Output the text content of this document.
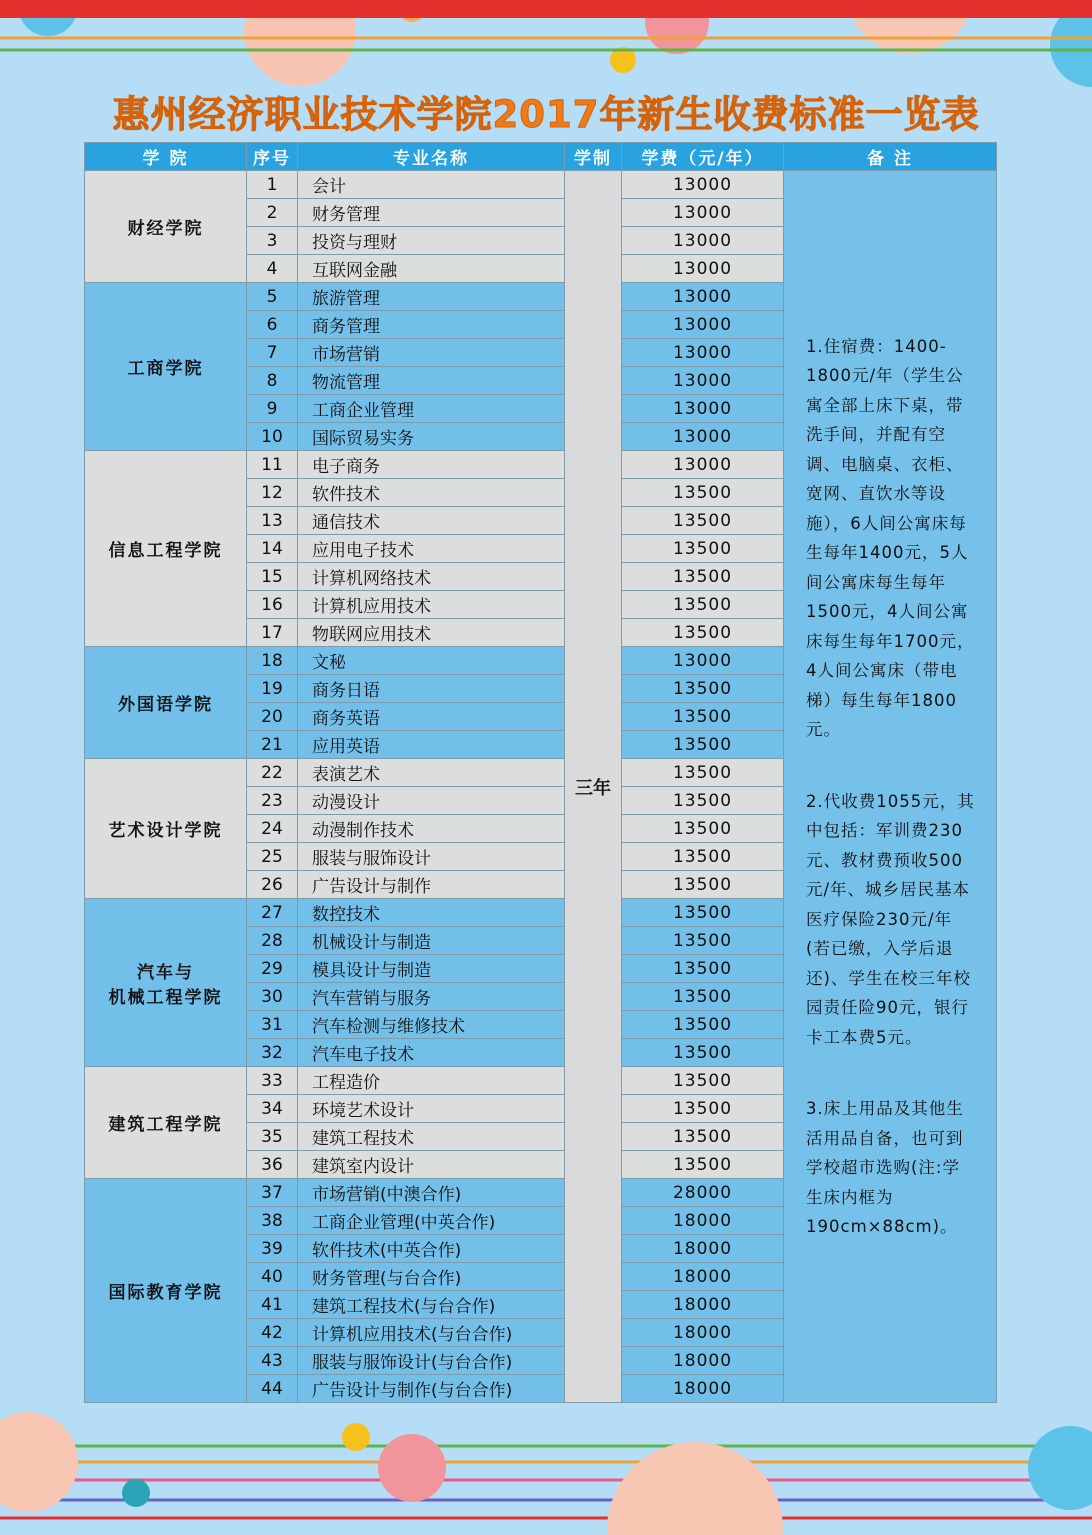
惠州经济职业技术学院2017年新生收费标准一览表
学 院	序号	专业名称	学制	学费（元/年）	备 注
财经学院	1	会计	三年	13000	1.住宿费：1400-1800元/年（学生公寓全部上床下桌，带洗手间，并配有空调、电脑桌、衣柜、宽网、直饮水等设施），6人间公寓床每生每年1400元，5人间公寓床每生每年1500元，4人间公寓床每生每年1700元，4人间公寓床（带电梯）每生每年1800元。
2.代收费1055元，其中包括：军训费230元、教材费预收500元/年、城乡居民基本医疗保险230元/年(若已缴，入学后退还)、学生在校三年校园责任险90元，银行卡工本费5元。
3.床上用品及其他生活用品自备，也可到学校超市选购(注:学生床内框为190cm×88cm)。

	2	财务管理		13000	
	3	投资与理财		13000	
	4	互联网金融		13000	
工商学院	5	旅游管理		13000	
	6	商务管理		13000	
	7	市场营销		13000	
	8	物流管理		13000	
	9	工商企业管理		13000	
	10	国际贸易实务		13000	
信息工程学院	11	电子商务		13000	
	12	软件技术		13500	
	13	通信技术		13500	
	14	应用电子技术		13500	
	15	计算机网络技术		13500	
	16	计算机应用技术		13500	
	17	物联网应用技术		13500	
外国语学院	18	文秘		13000	
	19	商务日语		13500	
	20	商务英语		13500	
	21	应用英语		13500	
艺术设计学院	22	表演艺术		13500	
	23	动漫设计		13500	
	24	动漫制作技术		13500	
	25	服装与服饰设计		13500	
	26	广告设计与制作		13500	
汽车与
机械工程学院	27	数控技术		13500	
	28	机械设计与制造		13500	
	29	模具设计与制造		13500	
	30	汽车营销与服务		13500	
	31	汽车检测与维修技术		13500	
	32	汽车电子技术		13500	
建筑工程学院	33	工程造价		13500	
	34	环境艺术设计		13500	
	35	建筑工程技术		13500	
	36	建筑室内设计		13500	
国际教育学院	37	市场营销(中澳合作)		28000	
	38	工商企业管理(中英合作)		18000	
	39	软件技术(中英合作)		18000	
	40	财务管理(与台合作)		18000	
	41	建筑工程技术(与台合作)		18000	
	42	计算机应用技术(与台合作)		18000	
	43	服装与服饰设计(与台合作)		18000	
	44	广告设计与制作(与台合作)		18000	
